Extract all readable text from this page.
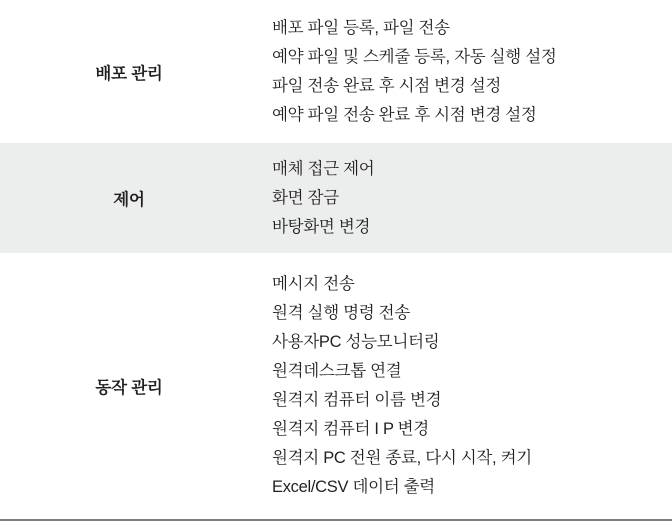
배포 관리
배포 파일 등록, 파일 전송
예약 파일 및 스케줄 등록, 자동 실행 설정
파일 전송 완료 후 시점 변경 설정
예약 파일 전송 완료 후 시점 변경 설정
제어
매체 접근 제어
화면 잠금
바탕화면 변경
동작 관리
메시지 전송
원격 실행 명령 전송
사용자PC 성능모니터링
원격데스크톱 연결
원격지 컴퓨터 이름 변경
원격지 컴퓨터 I P 변경
원격지 PC 전원 종료, 다시 시작, 켜기
Excel/CSV 데이터 출력
